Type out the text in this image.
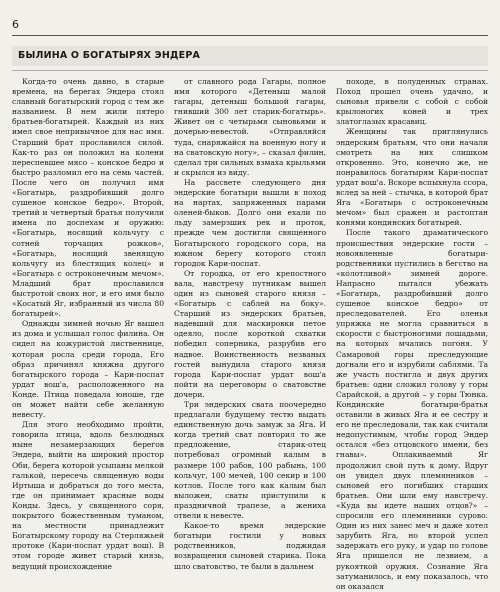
6
БЫЛИНА О БОГАТЫРЯХ ЭНДЕРА

Когда-то очень давно, в старые времена, на берегах Эндера стоял славный богатырский город с тем же названием. В нем жили пятеро братьев-богатырей. Каждый из них имел свое непривычное для нас имя. Старший брат прославился силой. Как-то раз он положил на колени переспевшее мясо – конское бедро и быстро разломил его на семь частей. После чего он получил имя «Богатырь, раздробивший долго сушеное конское бедро». Второй, третий и четвертый братья получили имена по доспехам и оружию: «Богатырь, носящий кольчугу с сотней торчащих рожков», «Богатырь, носящий звенящую кольчугу из блестящих колец» и «Богатырь с остроконечным мечом». Младший брат прославился быстротой своих ног, и его имя было «Косатый Яг, избранный из числа 80 богатырей».

Однажды зимней ночью Яг вышел из дома и услышал голос филина. Он сидел на кожуристой лиственнице, которая росла среди города. Его образ причинял княжна другого богатырского города – Кари-поспат урдат вош'а, расположенного на Конде. Птица поведала юноше, где он может найти себе желанную невесту.

Для этого необходимо пройти, говорила птица, вдоль безлюдных ныне незамерзающих берегов Эндера, выйти на широкий простор Оби, берега которой усыпаны мелкой галькой, пересечь священную воды Иртыша и добраться до того места, где он принимает красные воды Конды. Здесь, у священного соря, покрытого божественным туманом, на местности принадлежит Богатырскому городу на Стерляжьей протоке (Кари-поспат урдат вош). В этом городе живет старый князь, ведущий происхождение

от славного рода Гагары, полное имя которого «Детеныш малой гагары, детеныш большой гагары, гнивший 300 лет старик-богатырь». Живет он с четырьмя сыновьями и дочерью-невестой. «Отправляйся туда, снаряжайся на военную ногу и на сватовскую ногу», – сказал филин, сделал три сильных взмаха крыльями и скрылся из виду.

На рассвете следующего дня эндерские богатыри вышли в поход на нартах, запряженных парами оленей-быков. Долго они ехали по льду замерзших рек и проток, прежде чем достигли священного Богатырского городского сора, на южном берегу которого стоял городок Кари-поспат.

От городка, от его крепостного вала, навстречу путникам вышел один из сыновей старого князя – «Богатырь с саблей на боку». Старший из эндерских братьев, надевший для маскировки петое одеяло, после короткой схватки победил соперника, разрубив его надвое. Воинственность незваных гостей вынудила старого князя города Кари-поспат урдат вош'а пойти на переговоры о сватовстве дочери.

Три эндерских свата поочередно предлагали будущему тестю выдать единственную дочь замуж за Яга. И когда третий сват повторил то же предложение, старик-отец потребовал огромный калым в размере 100 рабов, 100 рабынь, 100 кольчуг, 100 мечей, 100 секир и 100 котлов. После того как калым был выложен, сваты приступили к праздничной трапезе, а женихa отвели к невесте.

Какое-то время эндерские богатыри гостили у новых родственников, поджидая возвращения сыновей старика. Пока шло сватовство, те были в дальнем

походе, в полуденных странах. Поход прошел очень удачно, и сыновья привели с собой с собой крылоногих коней и трех златоглазых красавиц.

Женщины так приглянулись эндерским братьям, что они начали смотреть на них слишком откровенно. Это, конечно же, не понравилось богатырям Кари-поспат урдат вош'а. Вскоре вспыхнула ссора, вслед за ней – стычка, в которой брат Яга «Богатырь с остроконечным мечом» был сражен и растоптан конями кондинских богатырей.

После такого драматического происшествия эндерские гости – новоявленные богатыри-родственники пустились в бегство на «колотливой» зимней дороге. Напрасно пытался убежать «Богатырь, раздробивший долго сушеное конское бедро» от преследователей. Его оленья упряжка не могла сравниться в скорости с быстроногими лошадьми, на которых мчались погоня. У Самаровой горы преследующие догнали его и изрубили саблями. Та же участь постигла и двух других братьев: одни сложил голову у горы Сарайской, а другой – у горы Тюнка. Кондинские богатыри-братья оставили в живых Яга и ее сестру и его не преследовали, так как считали недопустимым, чтобы город Эндер остался «без отцовского имени, без гнавы». Оплакиваемый Яг продолжил свой путь к дому. Вдруг он увидел двух племянников – сыновей его погибших старших братьев. Они шли ему навстречу. «Куда вы идете наших отцов?» – спросили его племянники сурово. Один из них занес меч и даже хотел зарубить Яга, но второй успел задержать его руку, и удар по голове Яга пришелся не лезвием, а рукояткой оружия. Сознание Яга затуманилось, и ему показалось, что он оказался
